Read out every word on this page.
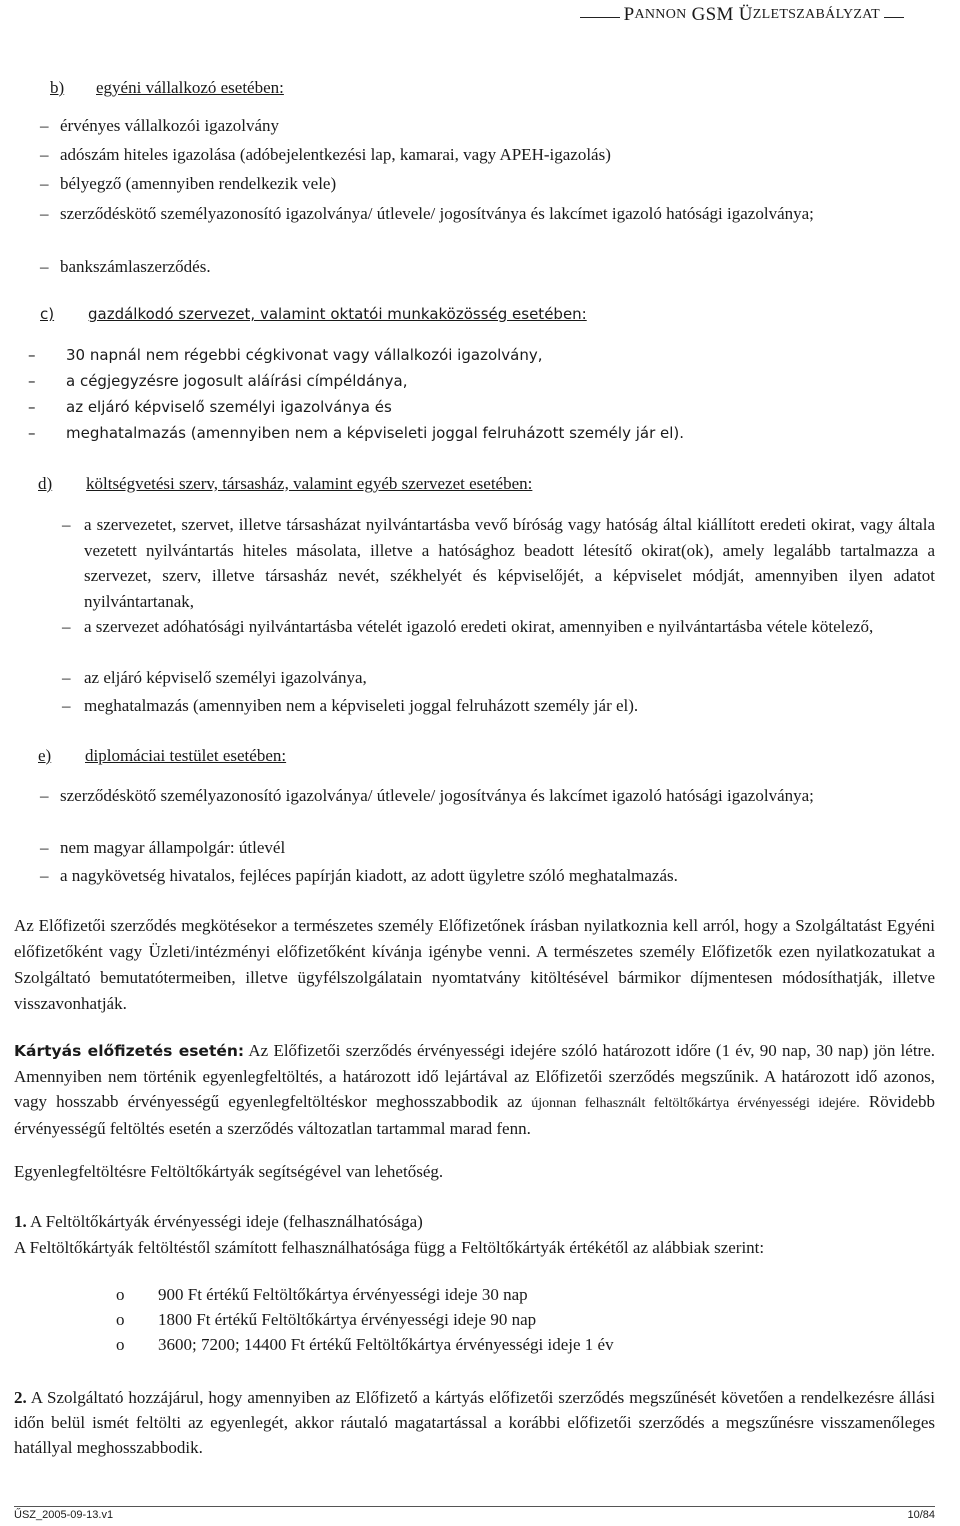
P ANNON GSM Ü ZLETSZABÁLYZAT
b)	egyéni vállalkozó esetében:
– érvényes vállalkozói igazolvány
– adószám hiteles igazolása (adóbejelentkezési lap, kamarai, vagy APEH-igazolás)
– bélyegző (amennyiben rendelkezik vele)
– szerződéskötő személyazonosító igazolványa/ útlevele/ jogosítványa és lakcímet igazoló hatósági igazolványa;
– bankszámlaszerződés.
c)	gazdálkodó szervezet, valamint oktatói munkaközösség esetében:
–	30 napnál nem régebbi cégkivonat vagy vállalkozói igazolvány,
–	a cégjegyzésre jogosult aláírási címpéldánya,
–	az eljáró képviselő személyi igazolványa és
–	meghatalmazás (amennyiben nem a képviseleti joggal felruházott személy jár el).
d)	költségvetési szerv, társasház, valamint egyéb szervezet esetében:
– a szervezetet, szervet, illetve társasházat nyilvántartásba vevő bíróság vagy hatóság által kiállított eredeti okirat, vagy általa vezetett nyilvántartás hiteles másolata, illetve a hatósághoz beadott létesítő okirat(ok), amely legalább tartalmazza a szervezet, szerv, illetve társasház nevét, székhelyét és képviselőjét, a képviselet módját, amennyiben ilyen adatot nyilvántartanak,
– a szervezet adóhatósági nyilvántartásba vételét igazoló eredeti okirat, amennyiben e nyilvántartásba vétele kötelező,
– az eljáró képviselő személyi igazolványa,
– meghatalmazás (amennyiben nem a képviseleti joggal felruházott személy jár el).
e)	diplomáciai testület esetében:
– szerződéskötő személyazonosító igazolványa/ útlevele/ jogosítványa és lakcímet igazoló hatósági igazolványa;
– nem magyar állampolgár: útlevél
– a nagykövetség hivatalos, fejléces papírján kiadott, az adott ügyletre szóló meghatalmazás.
Az Előfizetői szerződés megkötésekor a természetes személy Előfizetőnek írásban nyilatkoznia kell arról, hogy a Szolgáltatást Egyéni előfizetőként vagy Üzleti/intézményi előfizetőként kívánja igénybe venni. A természetes személy Előfizetők ezen nyilatkozatukat a Szolgáltató bemutatótermeiben, illetve ügyfélszolgálatain nyomtatvány kitöltésével bármikor díjmentesen módosíthatják, illetve visszavonhatják.
Kártyás előfizetés esetén: Az Előfizetői szerződés érvényességi idejére szóló határozott időre (1 év, 90 nap, 30 nap) jön létre. Amennyiben nem történik egyenlegfeltöltés, a határozott idő lejártával az Előfizetői szerződés megszűnik. A határozott idő azonos, vagy hosszabb érvényességű egyenlegfeltöltéskor meghosszabbodik az újonnan felhasznált feltöltőkártya érvényességi idejére. Rövidebb érvényességű feltöltés esetén a szerződés változatlan tartammal marad fenn.
Egyenlegfeltöltésre Feltöltőkártyák segítségével van lehetőség.
1. A Feltöltőkártyák érvényességi ideje (felhasználhatósága)
A Feltöltőkártyák feltöltéstől számított felhasználhatósága függ a Feltöltőkártyák értékétől az alábbiak szerint:
o	900 Ft értékű Feltöltőkártya érvényességi ideje 30 nap
o	1800 Ft értékű Feltöltőkártya érvényességi ideje 90 nap
o	3600; 7200; 14400 Ft értékű Feltöltőkártya érvényességi ideje 1 év
2. A Szolgáltató hozzájárul, hogy amennyiben az Előfizető a kártyás előfizetői szerződés megszűnését követően a rendelkezésre állási időn belül ismét feltölti az egyenlegét, akkor ráutaló magatartással a korábbi előfizetői szerződés a megszűnésre visszamenőleges hatállyal meghosszabbodik.
ŰSZ_2005-09-13.v1	10/84
